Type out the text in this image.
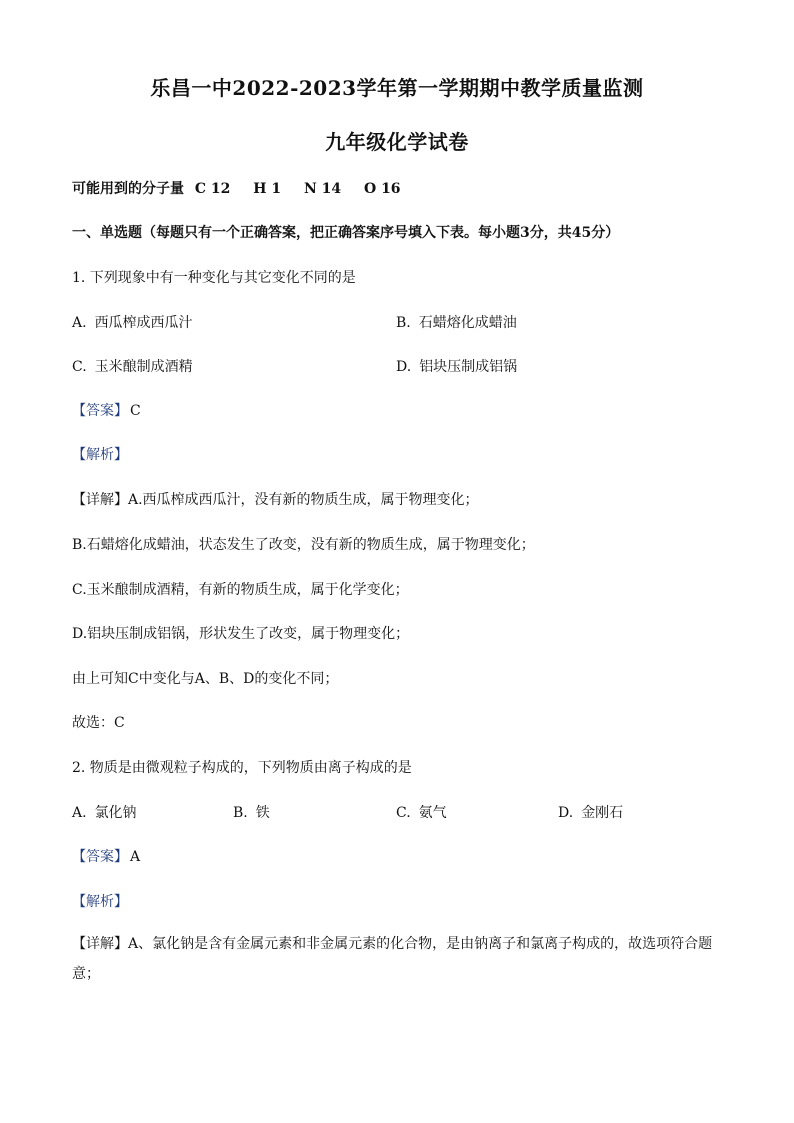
乐昌一中2022-2023学年第一学期期中教学质量监测
九年级化学试卷
可能用到的分子量 C 12 H 1 N 14 O 16
一、单选题（每题只有一个正确答案，把正确答案序号填入下表。每小题3分，共45分）
1. 下列现象中有一种变化与其它变化不同的是
A. 西瓜榨成西瓜汁	B. 石蜡熔化成蜡油
C. 玉米酿制成酒精	D. 铝块压制成铝锅
【答案】 C
【解析】
【详解】A.西瓜榨成西瓜汁，没有新的物质生成，属于物理变化；
B.石蜡熔化成蜡油，状态发生了改变，没有新的物质生成，属于物理变化；
C.玉米酿制成酒精，有新的物质生成，属于化学变化；
D.铝块压制成铝锅，形状发生了改变，属于物理变化；
由上可知C中变化与A、B、D的变化不同；
故选：C
2. 物质是由微观粒子构成的，下列物质由离子构成的是
A. 氯化钠	B. 铁	C. 氨气	D. 金刚石
【答案】 A
【解析】
【详解】A、氯化钠是含有金属元素和非金属元素的化合物，是由钠离子和氯离子构成的，故选项符合题意；
